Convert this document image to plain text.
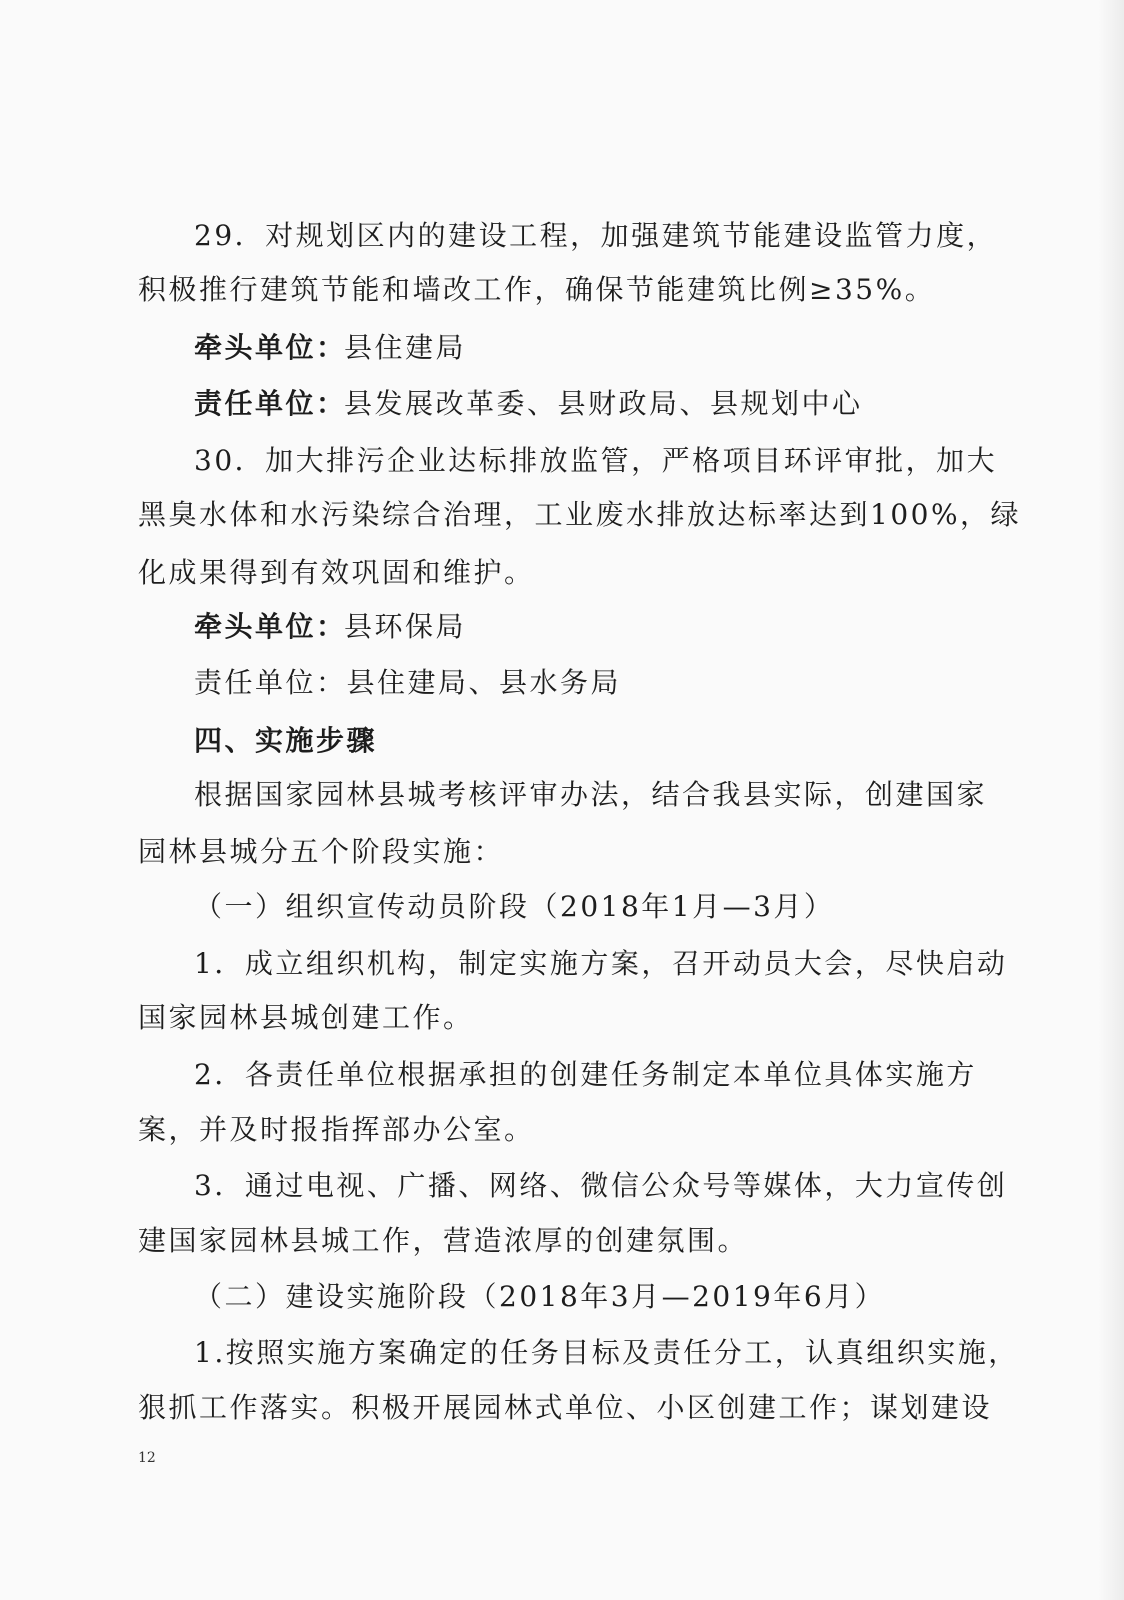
29．对规划区内的建设工程，加强建筑节能建设监管力度，
积极推行建筑节能和墙改工作，确保节能建筑比例≥35%。
牵头单位：
县住建局
责任单位：
县发展改革委、县财政局、县规划中心
30．加大排污企业达标排放监管，严格项目环评审批，加大
黑臭水体和水污染综合治理，工业废水排放达标率达到100%，绿
化成果得到有效巩固和维护。
牵头单位：
县环保局
责任单位：县住建局、县水务局
四、实施步骤
根据国家园林县城考核评审办法，结合我县实际，创建国家
园林县城分五个阶段实施：
（一）组织宣传动员阶段（2018年1月—3月）
1．成立组织机构，制定实施方案，召开动员大会，尽快启动
国家园林县城创建工作。
2．各责任单位根据承担的创建任务制定本单位具体实施方
案，并及时报指挥部办公室。
3．通过电视、广播、网络、微信公众号等媒体，大力宣传创
建国家园林县城工作，营造浓厚的创建氛围。
（二）建设实施阶段（2018年3月—2019年6月）
1.按照实施方案确定的任务目标及责任分工，认真组织实施，
狠抓工作落实。积极开展园林式单位、小区创建工作；谋划建设
12
